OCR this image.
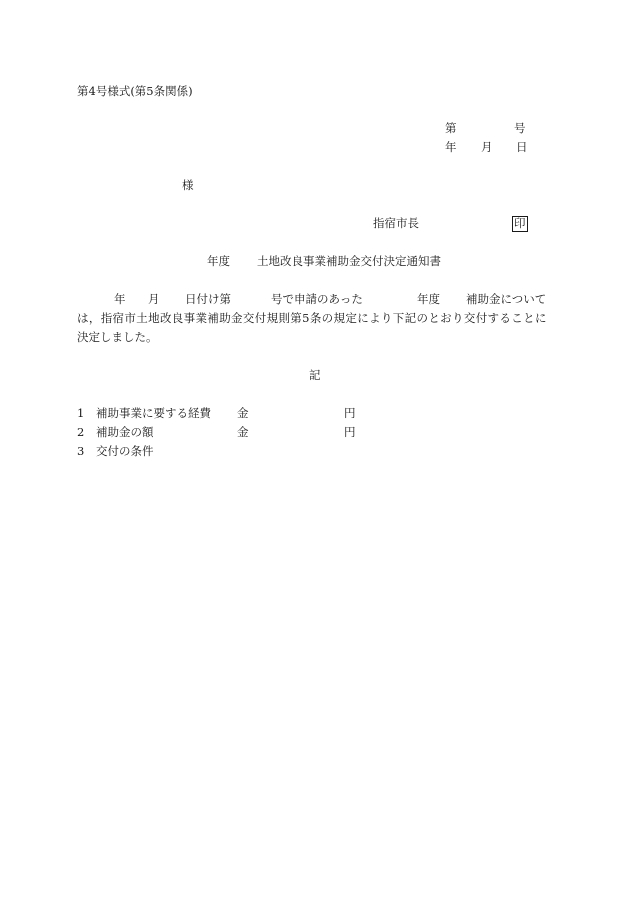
第4号様式(第5条関係)
第	号
年 月 日
様
指宿市長	印
年度 土地改良事業補助金交付決定通知書
年 月 日付け第	号で申請のあった	年度 補助金について
は，指宿市土地改良事業補助金交付規則第5条の規定により下記のとおり交付することに
決定しました。
記
1 補助事業に要する経費 金	円
2 補助金の額	金	円
3 交付の条件
